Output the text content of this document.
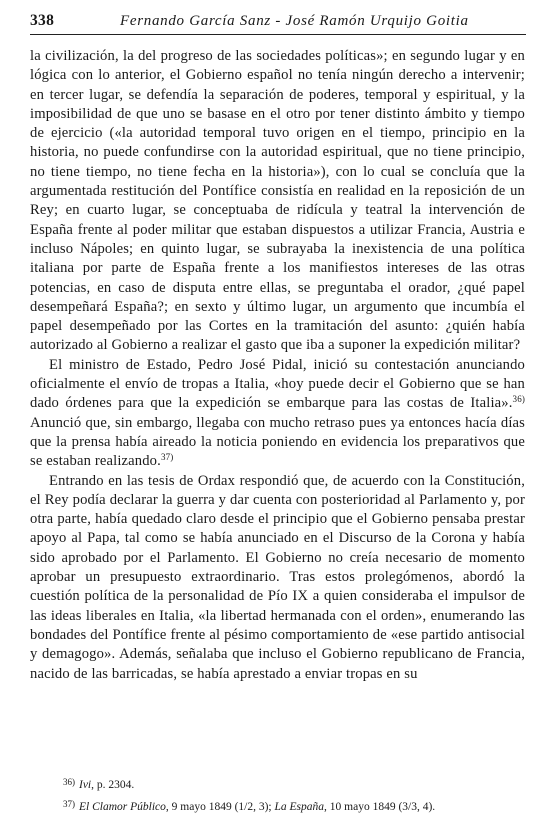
338	Fernando García Sanz - José Ramón Urquijo Goitia

la civilización, la del progreso de las sociedades políticas»; en segundo lugar y en lógica con lo anterior, el Gobierno español no tenía ningún derecho a intervenir; en tercer lugar, se defendía la separación de poderes, temporal y espiritual, y la imposibilidad de que uno se basase en el otro por tener distinto ámbito y tiempo de ejercicio («la autoridad temporal tuvo origen en el tiempo, principio en la historia, no puede confundirse con la autoridad espiritual, que no tiene principio, no tiene tiempo, no tiene fecha en la historia»), con lo cual se concluía que la argumentada restitución del Pontífice consistía en realidad en la reposición de un Rey; en cuarto lugar, se conceptuaba de ridícula y teatral la intervención de España frente al poder militar que estaban dispuestos a utilizar Francia, Austria e incluso Nápoles; en quinto lugar, se subrayaba la inexistencia de una política italiana por parte de España frente a los manifiestos intereses de las otras potencias, en caso de disputa entre ellas, se preguntaba el orador, ¿qué papel desempeñará España?; en sexto y último lugar, un argumento que incumbía el papel desempeñado por las Cortes en la tramitación del asunto: ¿quién había autorizado al Gobierno a realizar el gasto que iba a suponer la expedición militar?

El ministro de Estado, Pedro José Pidal, inició su contestación anunciando oficialmente el envío de tropas a Italia, «hoy puede decir el Gobierno que se han dado órdenes para que la expedición se embarque para las costas de Italia».$^{36)}$ Anunció que, sin embargo, llegaba con mucho retraso pues ya entonces hacía días que la prensa había aireado la noticia poniendo en evidencia los preparativos que se estaban realizando.$^{37)}$

Entrando en las tesis de Ordax respondió que, de acuerdo con la Constitución, el Rey podía declarar la guerra y dar cuenta con posterioridad al Parlamento y, por otra parte, había quedado claro desde el principio que el Gobierno pensaba prestar apoyo al Papa, tal como se había anunciado en el Discurso de la Corona y había sido aprobado por el Parlamento. El Gobierno no creía necesario de momento aprobar un presupuesto extraordinario. Tras estos prolegómenos, abordó la cuestión política de la personalidad de Pío IX a quien consideraba el impulsor de las ideas liberales en Italia, «la libertad hermanada con el orden», enumerando las bondades del Pontífice frente al pésimo comportamiento de «ese partido antisocial y demagogo». Además, señalaba que incluso el Gobierno republicano de Francia, nacido de las barricadas, se había aprestado a enviar tropas en su

$^{36)}$ Ivi, p. 2304.

$^{37)}$ El Clamor Público, 9 mayo 1849 (1/2, 3); La España, 10 mayo 1849 (3/3, 4).
